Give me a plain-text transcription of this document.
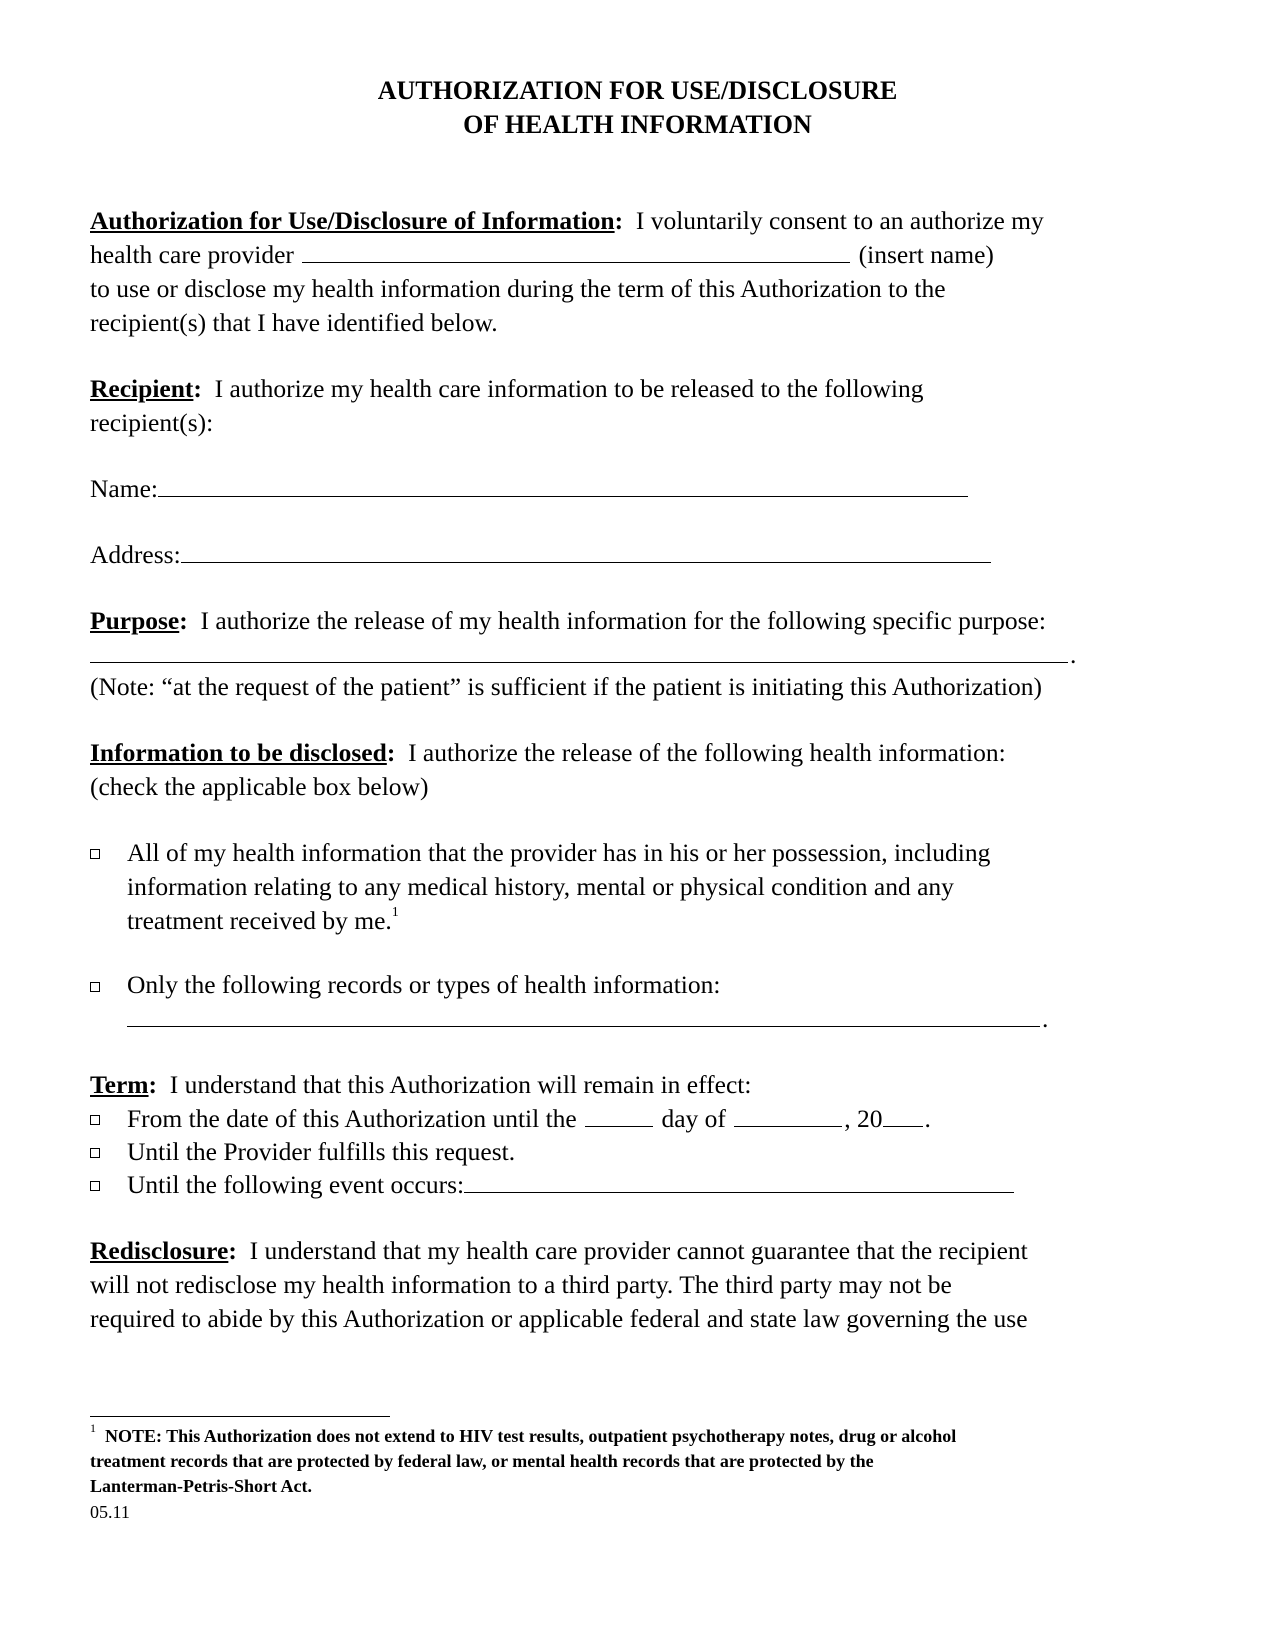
AUTHORIZATION FOR USE/DISCLOSURE
OF HEALTH INFORMATION
Authorization for Use/Disclosure of Information: I voluntarily consent to an authorize my
health care provider	(insert name)
to use or disclose my health information during the term of this Authorization to the
recipient(s) that I have identified below.
Recipient: I authorize my health care information to be released to the following
recipient(s):
Name:
Address:
Purpose: I authorize the release of my health information for the following specific purpose:
.
(Note: “at the request of the patient” is sufficient if the patient is initiating this Authorization)
Information to be disclosed: I authorize the release of the following health information:
(check the applicable box below)
All of my health information that the provider has in his or her possession, including
information relating to any medical history, mental or physical condition and any
treatment received by me.$^1$
Only the following records or types of health information:
.
Term: I understand that this Authorization will remain in effect:
From the date of this Authorization until the	day of	, 20 .
Until the Provider fulfills this request.
Until the following event occurs:
Redisclosure: I understand that my health care provider cannot guarantee that the recipient
will not redisclose my health information to a third party. The third party may not be
required to abide by this Authorization or applicable federal and state law governing the use
$^1$ NOTE: This Authorization does not extend to HIV test results, outpatient psychotherapy notes, drug or alcohol
treatment records that are protected by federal law, or mental health records that are protected by the
Lanterman-Petris-Short Act.
05.11
